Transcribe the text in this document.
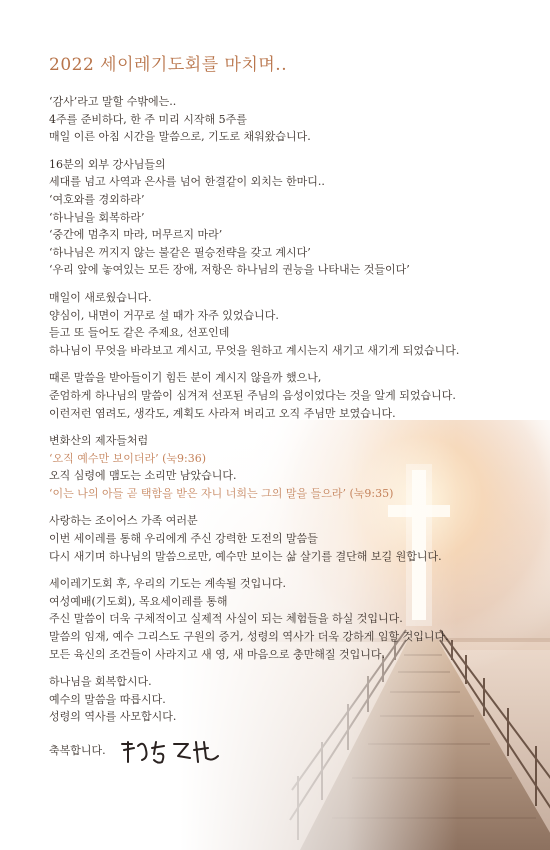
2022 세이레기도회를 마치며..
‘감사’라고 말할 수밖에는..
4주를 준비하다, 한 주 미리 시작해 5주를
매일 이른 아침 시간을 말씀으로, 기도로 채워왔습니다.
16분의 외부 강사님들의
세대를 넘고 사역과 은사를 넘어 한결같이 외치는 한마디..
‘여호와를 경외하라’
‘하나님을 회복하라’
‘중간에 멈추지 마라, 머무르지 마라’
‘하나님은 꺼지지 않는 불같은 필승전략을 갖고 계시다’
‘우리 앞에 놓여있는 모든 장애, 저항은 하나님의 권능을 나타내는 것들이다’
매일이 새로웠습니다.
양심이, 내면이 거꾸로 설 때가 자주 있었습니다.
듣고 또 들어도 같은 주제요, 선포인데
하나님이 무엇을 바라보고 계시고, 무엇을 원하고 계시는지 새기고 새기게 되었습니다.
때론 말씀을 받아들이기 힘든 분이 계시지 않을까 했으나,
준엄하게 하나님의 말씀이 심겨져 선포된 주님의 음성이었다는 것을 알게 되었습니다.
이런저런 염려도, 생각도, 계획도 사라져 버리고 오직 주님만 보였습니다.
변화산의 제자들처럼
‘오직 예수만 보이더라’ (눅9:36)
오직 심령에 맴도는 소리만 남았습니다.
‘이는 나의 아들 곧 택함을 받은 자니 너희는 그의 말을 들으라’ (눅9:35)
사랑하는 조이어스 가족 여러분
이번 세이레를 통해 우리에게 주신 강력한 도전의 말씀들
다시 새기며 하나님의 말씀으로만, 예수만 보이는 삶 살기를 결단해 보길 원합니다.
세이레기도회 후, 우리의 기도는 계속될 것입니다.
여성예배(기도회), 목요세이레를 통해
주신 말씀이 더욱 구체적이고 실제적 사실이 되는 체험들을 하실 것입니다.
말씀의 임재, 예수 그리스도 구원의 증거, 성령의 역사가 더욱 강하게 임할 것입니다.
모든 육신의 조건들이 사라지고 새 영, 새 마음으로 충만해질 것입니다.
하나님을 회복합시다.
예수의 말씀을 따릅시다.
성령의 역사를 사모합시다.
축복합니다.
